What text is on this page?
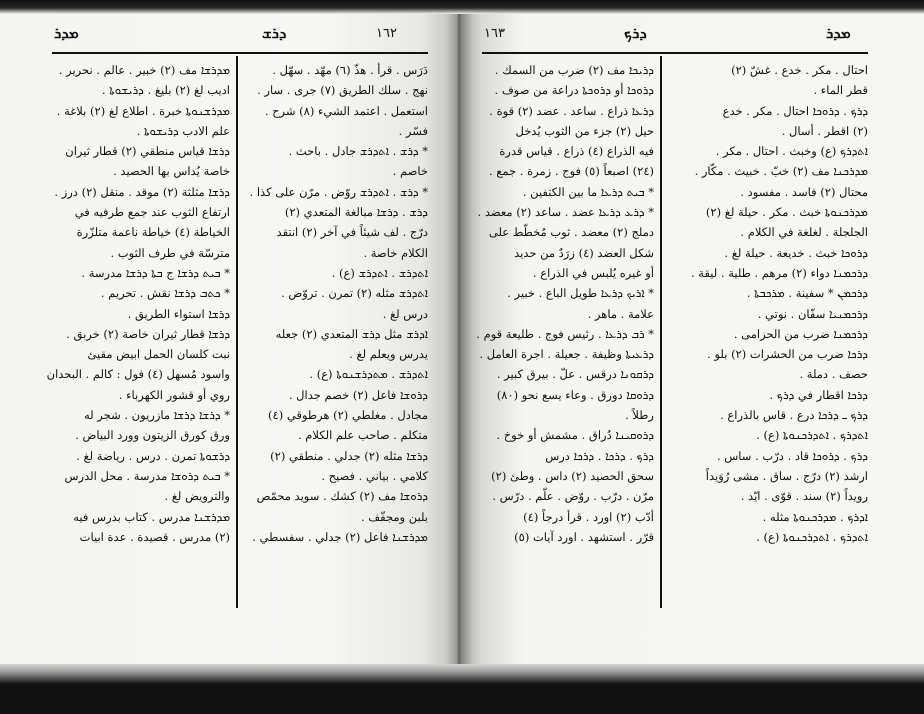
ܡܕܪ	ܕܪܫ	١٦٢
ܡܕܪܫܐ مف (٢) خبير . عالم . نحرير .
اديب لغ (٢) بليغ . ܕܪܝܫܘܬܐ .
ܡܕܪܫܢܘܬܐ خبرة . اطلاع لغ (٢) بلاغة .
علم الادب ܕܪܝܫܘܬܐ .
ܕܪܫܐ قياس منطقي (٢) قطار ثيران
خاصة يُداس بها الحصيد .
ܕܪܫܐ مثلثة (٢) موقد . منقل (٢) درز .
ارتفاع الثوب عند جمع طرفيه في
الخياطة (٤) خياطة ناعمة متلزّرة
مترسّة في طرف الثوب .
* ܒܝܬ ܕܪܫܐ ج ܒܬܐ ܕܪܫܐ مدرسة .
* ܟܬܒ ܕܪܫܐ نقش . تحريم .
ܕܪܫܐ استواء الطريق .
ܕܪܫܐ قطار ثيران خاصة (٢) خربق .
نبت كلسان الحمل ابيض مقيئ
واسود مُسهل (٤) فول : كالم . البحدان
روي أو قشور الكهرباء .
* ܕܪܫܐ ܕܪܫܐ مازريون . شجر له
ورق كورق الزيتون وورد البياض .
ܕܪܫܘܬܐ تمرن . درس . رياضة لغ .
* ܒܝܬ ܕܪܘܫܐ مدرسة . محل الدرس
والترويض لغ .
ܡܕܪܫܢܐ مدرس . كتاب بدرس فيه
(٢) مدرس . قصيدة . عدة ابيات
دَرَس . قرأ . هذّ (٦) مهّد . سهّل .
نهج . سلك الطريق (٧) جرى . سار .
استعمل . اعتمد الشيء (٨) شرح .
فسّر .
* ܕܪܫ . ܐܬܕܪܫ جادل . باحث .
خاصم .
* ܕܪܫ . ܐܬܕܪܫ روّض . مرّن على كذا .
ܕܪܫ . ܕܪܫܐ مبالغة المتعدي (٢)
درّج . لف شيئاً في آخر (٢) انتقد
الكلام خاصة .
ܐܬܕܪܫ . ܐܬܕܪܫ (ع) .
ܐܬܕܪܫ مثله (٢) تمرن . تروّض .
درس لغ .
ܐܕܪܫ مثل ܕܪܫ المتعدي (٢) جعله
يدرس ويعلم لغ .
ܐܬܕܪܫ . ܡܬܕܪܫܢܘܬܐ (ع) .
ܕܪܘܫܐ فاعل (٢) خصم جدال .
مجادل . مغلطي (٢) هرطوقي (٤)
متكلم . صاحب علم الكلام .
ܕܪܫܐ مثله (٢) جدلي . منطقي (٢)
كلامي . بياني . فصيح .
ܕܪܘܫܐ مف (٢) كشك . سويد محمّص
بلبن ومجفّف .
ܡܕܪܫܢܐ فاعل (٢) جدلي . سفسطي .
١٦٣	ܕܪܟ	ܡܕܪ
ܕܪܝܟܐ مف (٢) ضرب من السمك .
ܕܪܘܟܐ أو ܕܪܘܟܬܐ دراعة من صوف .
ܕܪܥܐ ذراع . ساعد . عضد (٢) قوة .
حيل (٢) جزء من الثوب يُدخل
فيه الذراع (٤) ذراع . قياس قدرة
(٢٤) اصبعاً (٥) فوج . زمرة . جمع .
* ܒܝܬ ܕܪܥܐ ما بين الكتفين .
* ܕܪܥ ܕܪܥܐ عضد . ساعد (٢) معضد .
دملج (٢) معضد . ثوب مُخطّط على
شكل العضد (٤) زرَدٌ من حديد
أو غيره يُلبس في الذراع .
* ܐܪܝܟ ܕܪܥܐ طويل الباع . خبير .
علامة . ماهر .
* ܪܒ ܕܪܥܐ . رئيس فوج . طليعة قوم .
ܕܪܥܝܬܐ وظيفة . جعيلة . اجرة العامل .
ܕܪܩܘܢܐ درقس . علّ . بيرق كبير .
ܕܪܘܩܐ دورق . وعاء يسع نحو (٨٠)
رطلاً .
ܕܪܘܩܝܢܐ دُراق . مشمش أو خوخ .
ܕܪܟ . ܕܪܟܐ . ܕܪܟܐ درس
سحق الحصيد (٢) داس . وطئ (٢)
مرّن . درّب . روّض . علّم . درّس .
أدّب (٢) اورد . قرأ درجاً (٤)
قرّر . استشهد . اورد آيات (٥)
احتال . مكر . خدع . غشّ (٢)
قطر الماء .
ܕܪܟ . ܕܪܘܟܐ احتال . مكر . خدع
(٢) اقطر . أسال .
ܐܬܕܪܟ (ع) وخبث . احتال . مكر .
ܡܕܪܟܢܐ مف (٢) خبّ . خبيث . مكّار .
محتال (٢) فاسد . مفسود .
ܡܕܪܟܢܘܬܐ خبث . مكر . حيلة لغ (٢)
الجلجلة . لغلغة في الكلام .
ܕܪܘܟܐ خبث . خديعة . حيلة لغ .
ܕܪܟܡܢܐ دواء (٢) مرهم . طلية . ليقة .
ܕܪܟܡܢ * سفينة . ܡܪܟܒܬܐ .
ܕܪܟܡܢܝܐ سفّان . نوتي .
ܕܪܟܡܢܐ ضرب من الحزامى .
ܕܪܟܐ ضرب من الحشرات (٢) بلو .
حصف . دملة .
ܕܪܟܐ اقطار في ܕܪܟ .
ܕܪܟ ـ ܕܪܟܐ درع . قاس بالذراع .
ܐܬܕܪܟ . ܐܬܕܪܟܢܘܬܐ (ع) .
ܕܪܟ . ܕܪܘܟܐ قاد . درّب . ساس .
ارشد (٢) درّج . ساق . مشى رُوَيداً
رويداً (٢) سند . قوّى . ايّد .
ܐܕܪܟ . ܡܕܪܟܢܘܬܐ مثله .
ܐܬܕܪܟ . ܐܬܕܪܟܢܘܬܐ (ع) .
